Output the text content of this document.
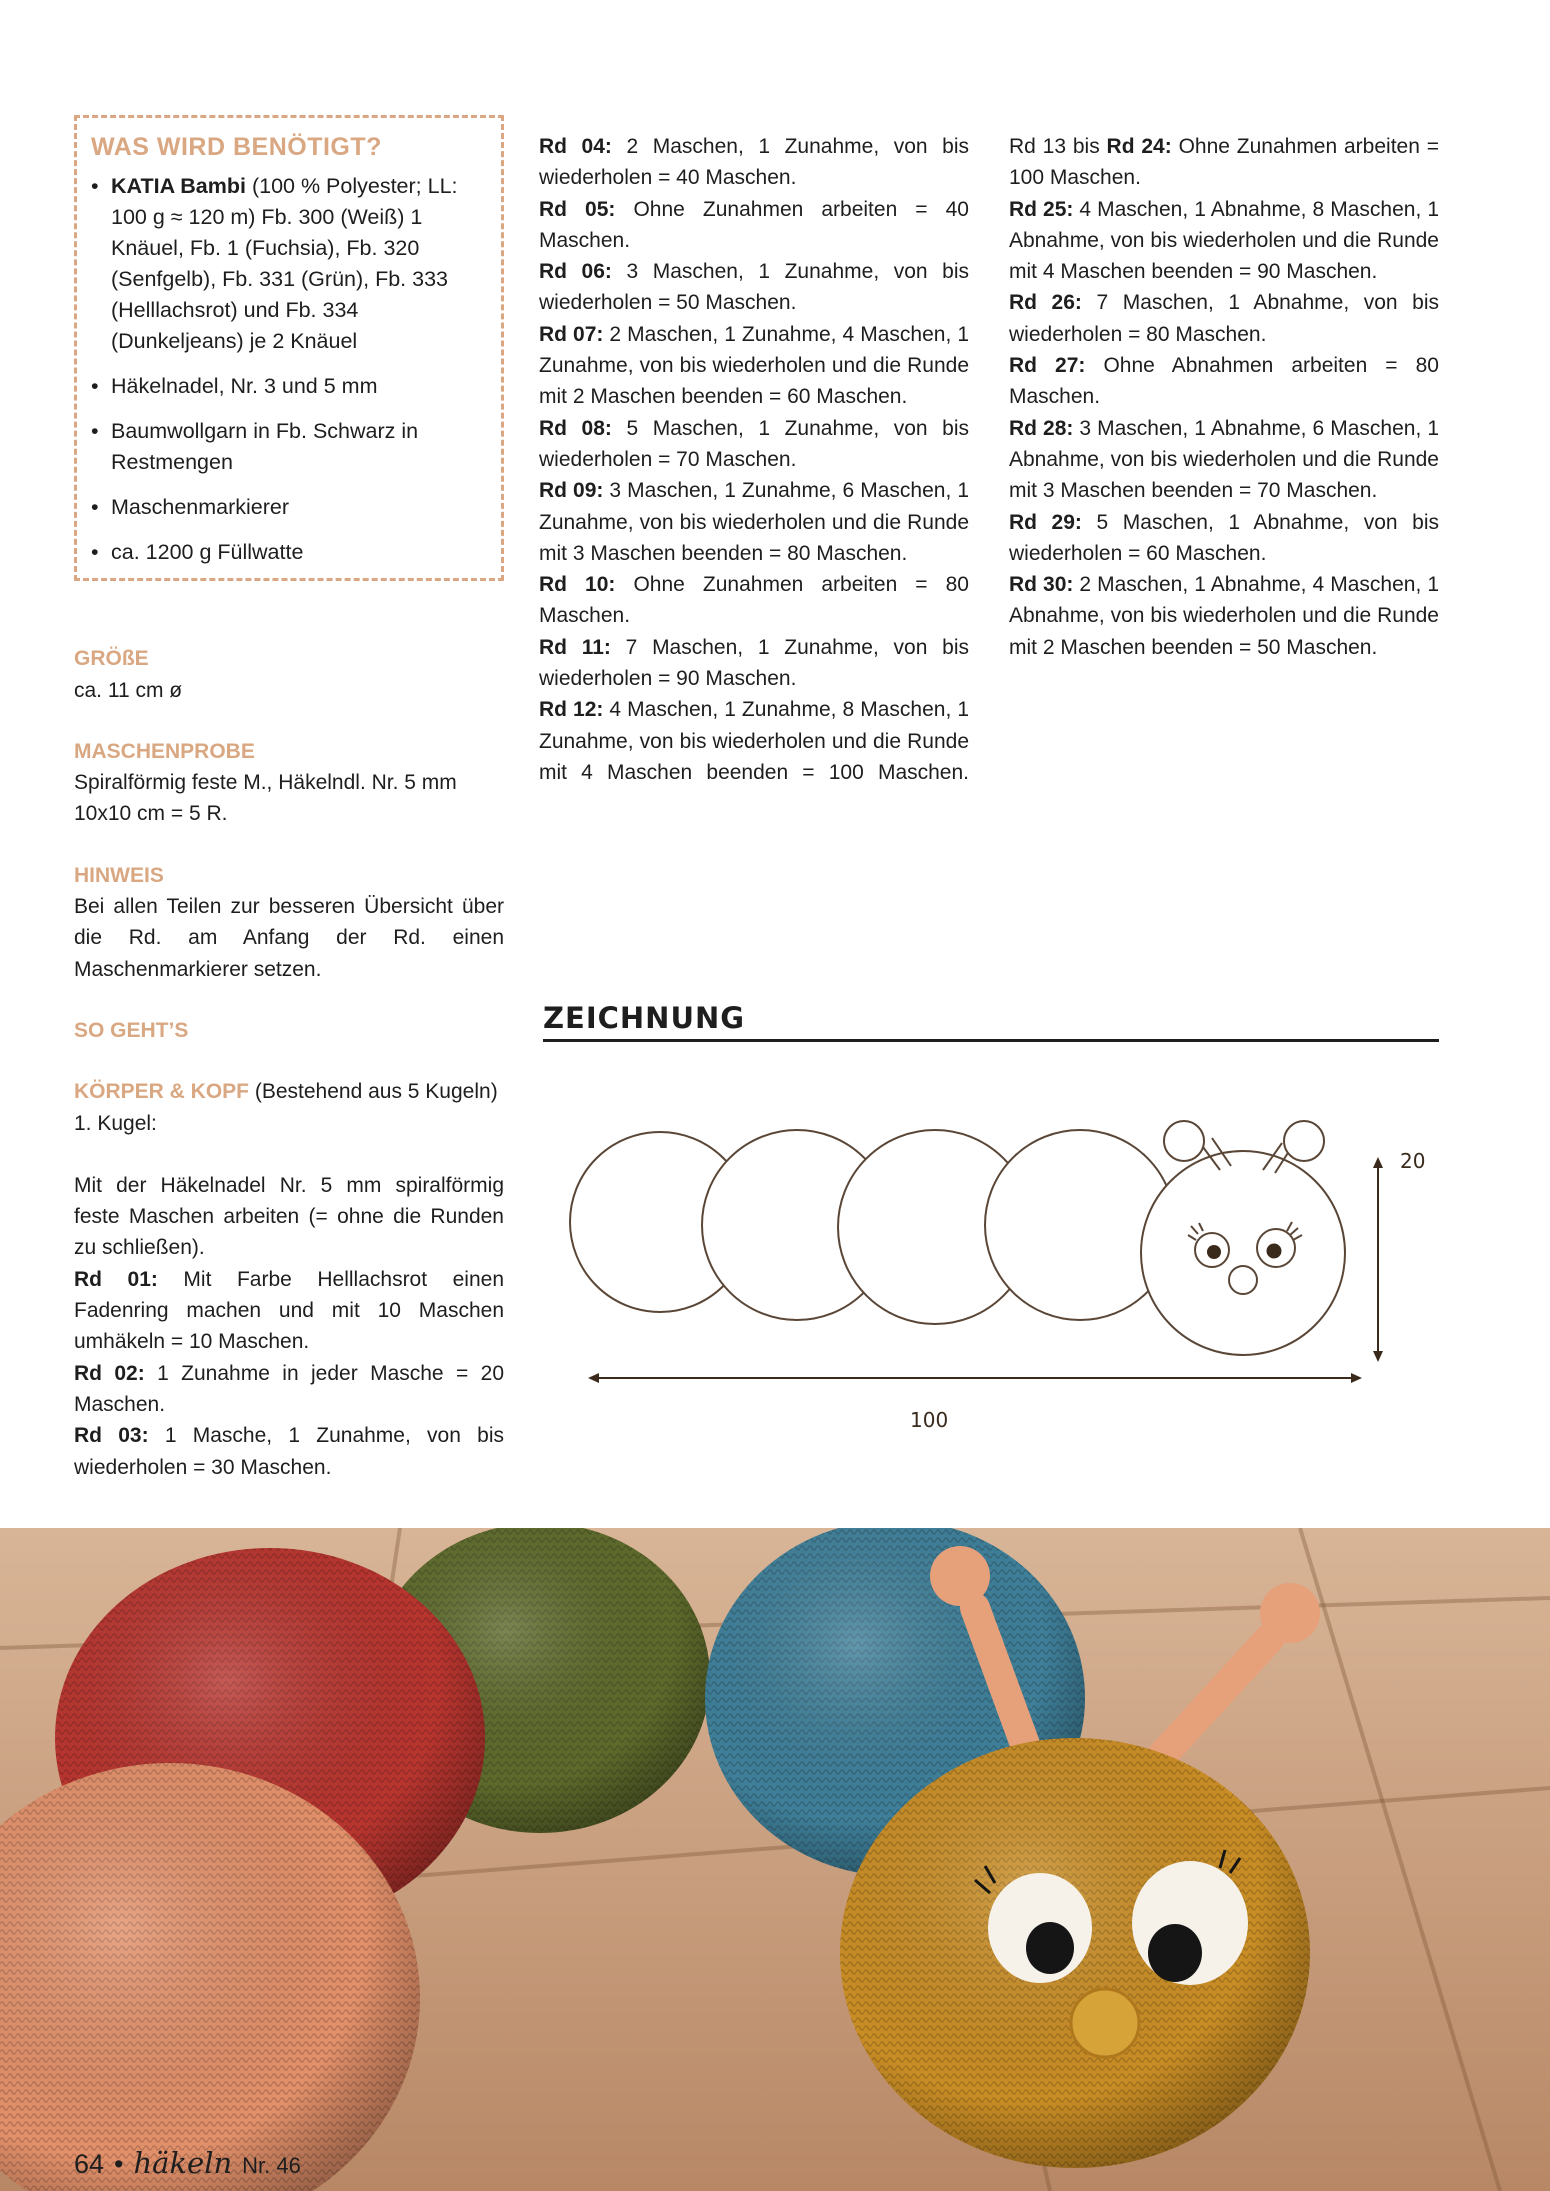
WAS WIRD BENÖTIGT?
• KATIA Bambi (100 % Polyester; LL: 100 g ≈ 120 m) Fb. 300 (Weiß) 1 Knäuel, Fb. 1 (Fuchsia), Fb. 320 (Senfgelb), Fb. 331 (Grün), Fb. 333 (Helllachsrot) und Fb. 334 (Dunkeljeans) je 2 Knäuel
• Häkelnadel, Nr. 3 und 5 mm
• Baumwollgarn in Fb. Schwarz in Restmengen
• Maschenmarkierer
• ca. 1200 g Füllwatte

GRÖßE

ca. 11 cm ø

MASCHENPROBE

Spiralförmig feste M., Häkelndl. Nr. 5 mm

10x10 cm = 5 R.

HINWEIS

Bei allen Teilen zur besseren Übersicht über die Rd. am Anfang der Rd. einen Maschenmarkierer setzen.

SO GEHT’S

KÖRPER & KOPF (Bestehend aus 5 Kugeln)

1. Kugel:

Mit der Häkelnadel Nr. 5 mm spiralförmig feste Maschen arbeiten (= ohne die Runden zu schließen).

Rd 01: Mit Farbe Helllachsrot einen Fadenring machen und mit 10 Maschen umhäkeln = 10 Maschen.

Rd 02: 1 Zunahme in jeder Masche = 20 Maschen.

Rd 03: 1 Masche, 1 Zunahme, von bis wiederholen = 30 Maschen.

Rd 04: 2 Maschen, 1 Zunahme, von bis wiederholen = 40 Maschen.

Rd 05: Ohne Zunahmen arbeiten = 40 Maschen.

Rd 06: 3 Maschen, 1 Zunahme, von bis wiederholen = 50 Maschen.

Rd 07: 2 Maschen, 1 Zunahme, 4 Maschen, 1 Zunahme, von bis wiederholen und die Runde mit 2 Maschen beenden = 60 Maschen.

Rd 08: 5 Maschen, 1 Zunahme, von bis wiederholen = 70 Maschen.

Rd 09: 3 Maschen, 1 Zunahme, 6 Maschen, 1 Zunahme, von bis wiederholen und die Runde mit 3 Maschen beenden = 80 Maschen.

Rd 10: Ohne Zunahmen arbeiten = 80 Maschen.

Rd 11: 7 Maschen, 1 Zunahme, von bis wiederholen = 90 Maschen.

Rd 12: 4 Maschen, 1 Zunahme, 8 Maschen, 1 Zunahme, von bis wiederholen und die Runde mit 4 Maschen beenden = 100 Maschen.

Rd 13 bis Rd 24: Ohne Zunahmen arbeiten = 100 Maschen.

Rd 25: 4 Maschen, 1 Abnahme, 8 Maschen, 1 Abnahme, von bis wiederholen und die Runde mit 4 Maschen beenden = 90 Maschen.

Rd 26: 7 Maschen, 1 Abnahme, von bis wiederholen = 80 Maschen.

Rd 27: Ohne Abnahmen arbeiten = 80 Maschen.

Rd 28: 3 Maschen, 1 Abnahme, 6 Maschen, 1 Abnahme, von bis wiederholen und die Runde mit 3 Maschen beenden = 70 Maschen.

Rd 29: 5 Maschen, 1 Abnahme, von bis wiederholen = 60 Maschen.

Rd 30: 2 Maschen, 1 Abnahme, 4 Maschen, 1 Abnahme, von bis wiederholen und die Runde mit 2 Maschen beenden = 50 Maschen.

ZEICHNUNG
20
100
64 • häkeln Nr. 46
